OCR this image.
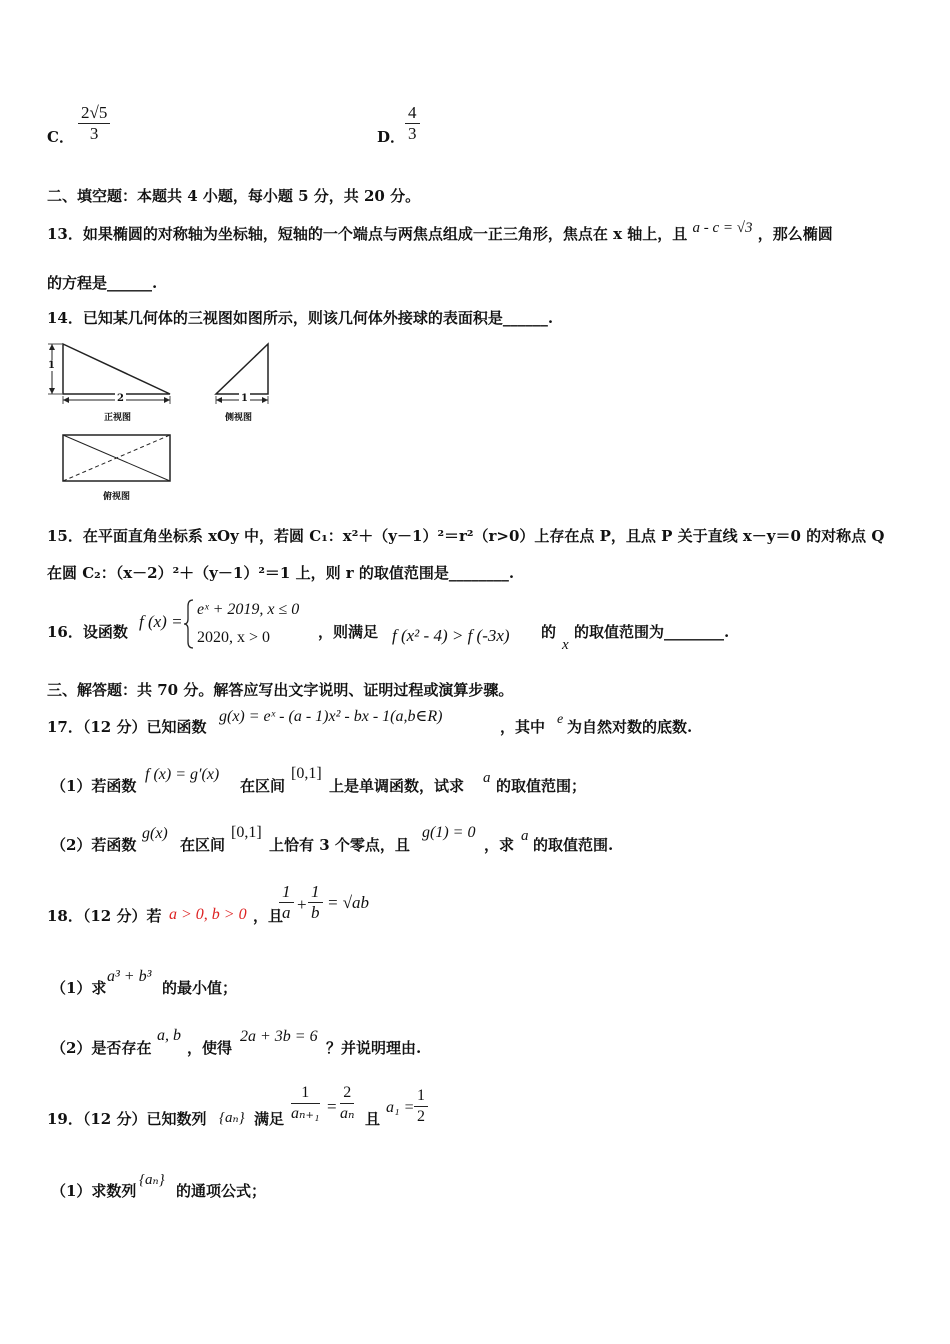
C． $\frac{2√5}{3}$	D． $\frac{4}{3}$
二、填空题：本题共 4 小题，每小题 5 分，共 20 分。
13．如果椭圆的对称轴为坐标轴，短轴的一个端点与两焦点组成一正三角形，焦点在 x 轴上，且 a - c = √3 ，那么椭圆
的方程是______.
14．已知某几何体的三视图如图所示，则该几何体外接球的表面积是______.
1
2	1
正视图	侧视图
俯视图
15．在平面直角坐标系 xOy 中，若圆 C₁：x²＋（y－1）²＝r²（r>0）上存在点 P，且点 P 关于直线 x－y＝0 的对称点 Q
在圆 C₂：（x－2）²＋（y－1）²＝1 上，则 r 的取值范围是________.
16．设函数
f (x) =
eˣ + 2019, x ≤ 0
2020, x > 0	，则满足 f (x² - 4) > f (-3x) 的
x
的取值范围为________.
三、解答题：共 70 分。解答应写出文字说明、证明过程或演算步骤。
17．（12 分）已知函数
g(x) = eˣ - (a - 1)x² - bx - 1(a,b∈R)
，其中 e 为自然对数的底数.
（1）若函数
f (x) = g′(x)
在区间
[0,1]
上是单调函数，试求 a 的取值范围；
（2）若函数
g(x)
在区间
[0,1]
上恰有 3 个零点，且
g(1) = 0
，求 a 的取值范围.
18．（12 分）若 a > 0, b > 0 ，且
$\frac{1}{a} + \frac{1}{b} = √ab$
（1）求
a³ + b³
的最小值；
（2）是否存在
a, b
，使得
2a + 3b = 6
？并说明理由.
19．（12 分）已知数列 {aₙ} 满足 $\frac{1}{\text{aₙ₊₁}} = \frac{2}{\text{aₙ}}$ 且
$a_1 = \frac{1}{2}$
（1）求数列
{aₙ}
的通项公式；
